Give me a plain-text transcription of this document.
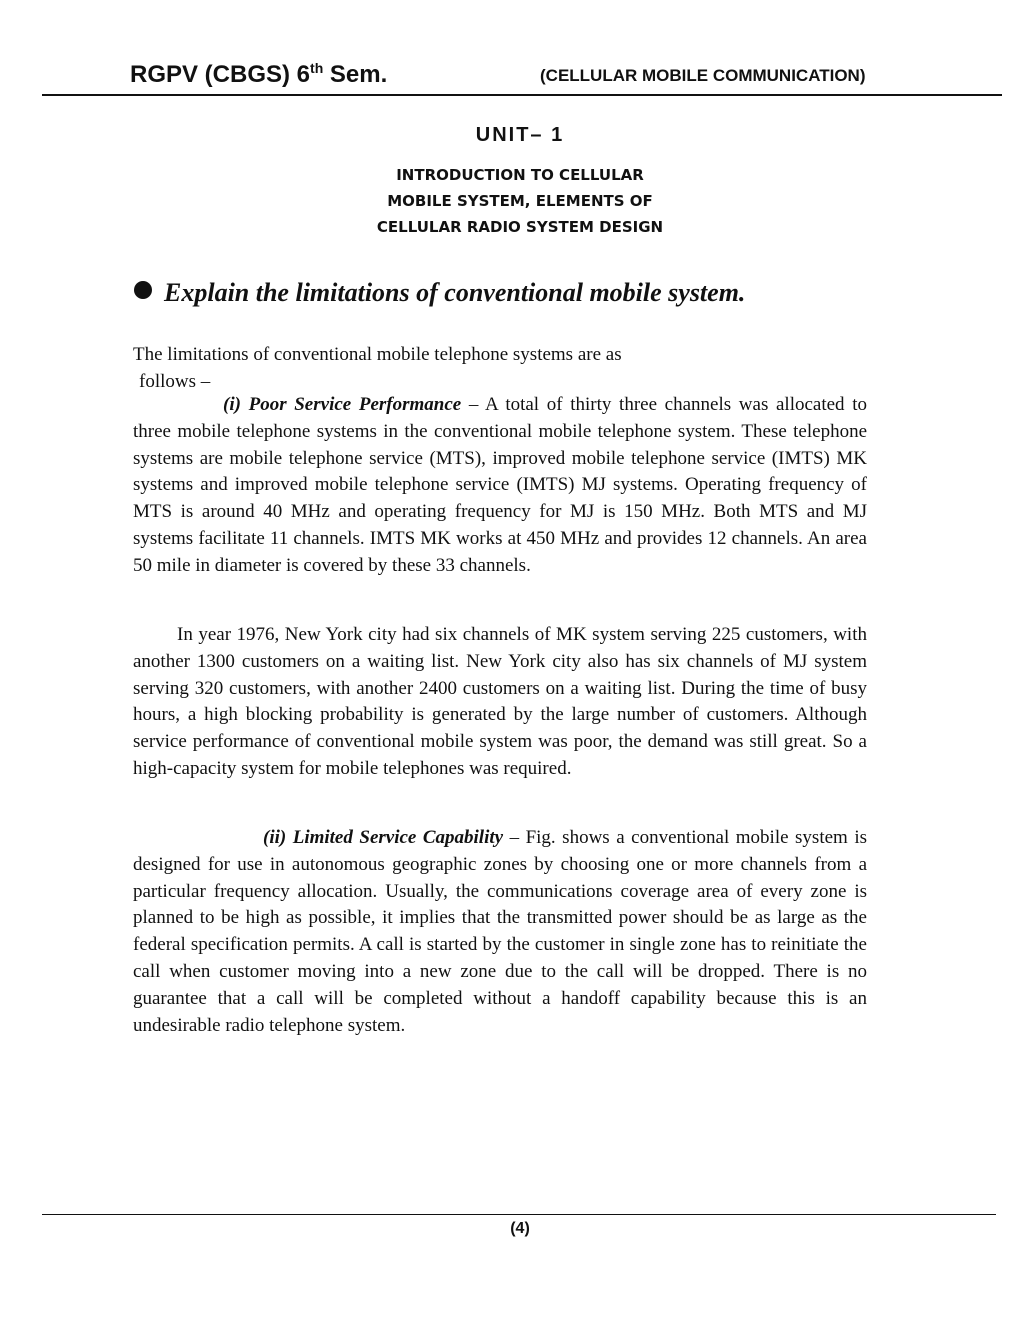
RGPV (CBGS) 6th Sem.	(CELLULAR MOBILE COMMUNICATION)
UNIT– 1
INTRODUCTION TO CELLULAR
MOBILE SYSTEM, ELEMENTS OF
CELLULAR RADIO SYSTEM DESIGN
Explain the limitations of conventional mobile system.
The limitations of conventional mobile telephone systems are as
follows –
(i) Poor Service Performance – A total of thirty three channels was allocated to three mobile telephone systems in the conventional mobile telephone system. These telephone systems are mobile telephone service (MTS), improved mobile telephone service (IMTS) MK systems and improved mobile telephone service (IMTS) MJ systems. Operating frequency of MTS is around 40 MHz and operating frequency for MJ is 150 MHz. Both MTS and MJ systems facilitate 11 channels. IMTS MK works at 450 MHz and provides 12 channels. An area 50 mile in diameter is covered by these 33 channels.
In year 1976, New York city had six channels of MK system serving 225 customers, with another 1300 customers on a waiting list. New York city also has six channels of MJ system serving 320 customers, with another 2400 customers on a waiting list. During the time of busy hours, a high blocking probability is generated by the large number of customers. Although service performance of conventional mobile system was poor, the demand was still great. So a high-capacity system for mobile telephones was required.
(ii) Limited Service Capability – Fig. shows a conventional mobile system is designed for use in autonomous geographic zones by choosing one or more channels from a particular frequency allocation. Usually, the communications coverage area of every zone is planned to be high as possible, it implies that the transmitted power should be as large as the federal specification permits. A call is started by the customer in single zone has to reinitiate the call when customer moving into a new zone due to the call will be dropped. There is no guarantee that a call will be completed without a handoff capability because this is an undesirable radio telephone system.
(4)
